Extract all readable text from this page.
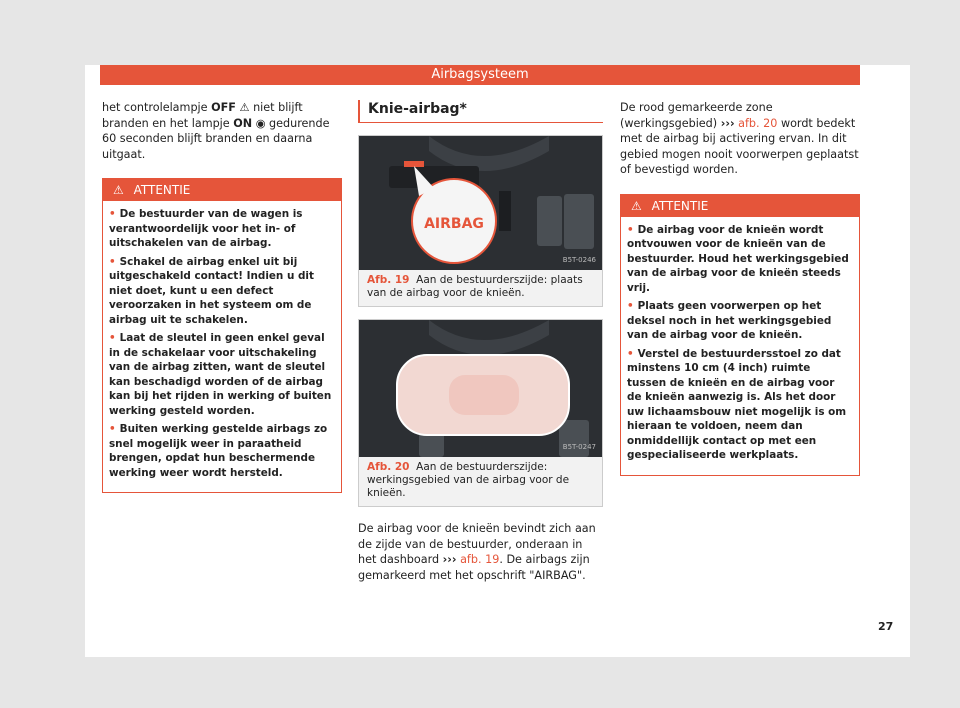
Airbagsysteem

het controlelampje OFF ⚠ niet blijft branden en het lampje ON ◉ gedurende 60 seconden blijft branden en daarna uitgaat.

⚠ ATTENTIE

• De bestuurder van de wagen is verantwoordelijk voor het in- of uitschakelen van de airbag.

• Schakel de airbag enkel uit bij uitgeschakeld contact! Indien u dit niet doet, kunt u een defect veroorzaken in het systeem om de airbag uit te schakelen.

• Laat de sleutel in geen enkel geval in de schakelaar voor uitschakeling van de airbag zitten, want de sleutel kan beschadigd worden of de airbag kan bij het rijden in werking of buiten werking gesteld worden.

• Buiten werking gestelde airbags zo snel mogelijk weer in paraatheid brengen, opdat hun beschermende werking weer wordt hersteld.

Knie-airbag*
AIRBAG
B5T-0246
Afb. 19 Aan de bestuurderszijde: plaats van de airbag voor de knieën.
B5T-0247
Afb. 20 Aan de bestuurderszijde: werkingsgebied van de airbag voor de knieën.

De airbag voor de knieën bevindt zich aan de zijde van de bestuurder, onderaan in het dashboard ››› afb. 19. De airbags zijn gemarkeerd met het opschrift "AIRBAG".

De rood gemarkeerde zone (werkingsgebied) ››› afb. 20 wordt bedekt met de airbag bij activering ervan. In dit gebied mogen nooit voorwerpen geplaatst of bevestigd worden.

⚠ ATTENTIE

• De airbag voor de knieën wordt ontvouwen voor de knieën van de bestuurder. Houd het werkingsgebied van de airbag voor de knieën steeds vrij.

• Plaats geen voorwerpen op het deksel noch in het werkingsgebied van de airbag voor de knieën.

• Verstel de bestuurdersstoel zo dat minstens 10 cm (4 inch) ruimte tussen de knieën en de airbag voor de knieën aanwezig is. Als het door uw lichaamsbouw niet mogelijk is om hieraan te voldoen, neem dan onmiddellijk contact op met een gespecialiseerde werkplaats.

27
